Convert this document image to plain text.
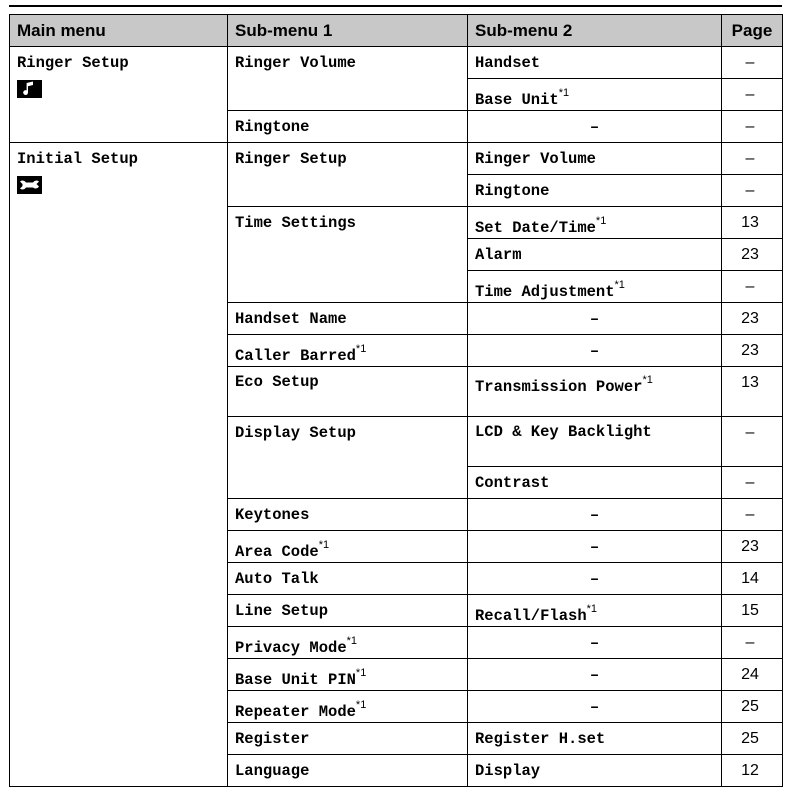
Main menu	Sub-menu 1	Sub-menu 2	Page

Ringer Setup	Ringer Volume	Handset	–
		Base Unit$^{*1}$	–
	Ringtone	–	–

Initial Setup	Ringer Setup	Ringer Volume	–
		Ringtone	–
	Time Settings	Set Date/Time$^{*1}$	13
		Alarm	23
		Time Adjustment$^{*1}$	–
	Handset Name	–	23
	Caller Barred$^{*1}$	–	23
	Eco Setup	Transmission Power$^{*1}$	13
	Display Setup	LCD & Key Backlight	–
		Contrast	–
	Keytones	–	–
	Area Code$^{*1}$	–	23
	Auto Talk	–	14
	Line Setup	Recall/Flash$^{*1}$	15
	Privacy Mode$^{*1}$	–	–
	Base Unit PIN$^{*1}$	–	24
	Repeater Mode$^{*1}$	–	25
	Register	Register H.set	25
	Language	Display	12
